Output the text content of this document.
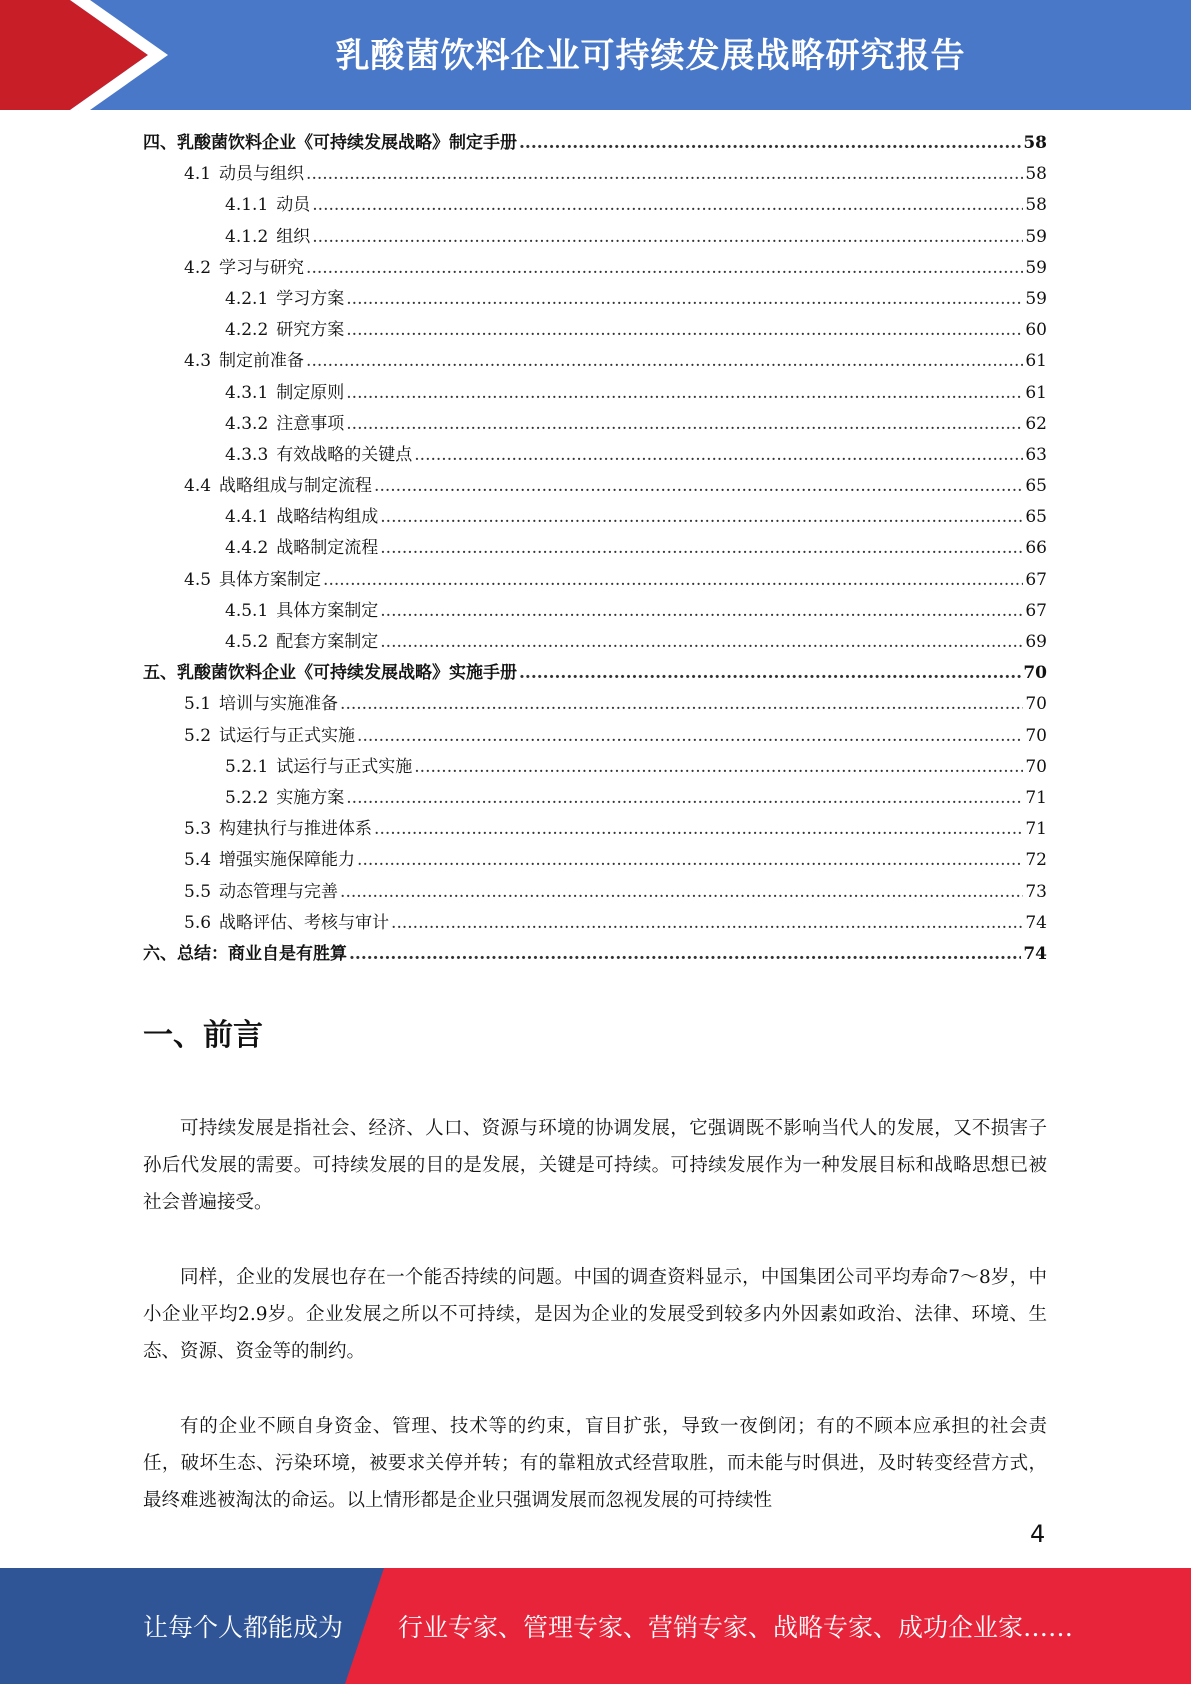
乳酸菌饮料企业可持续发展战略研究报告
四、乳酸菌饮料企业《可持续发展战略》制定手册 .....	58
4.1 动员与组织 .....	58
4.1.1 动员 .....	58
4.1.2 组织 .....	59
4.2 学习与研究 .....	59
4.2.1 学习方案 .....	59
4.2.2 研究方案 .....	60
4.3 制定前准备 .....	61
4.3.1 制定原则 .....	61
4.3.2 注意事项 .....	62
4.3.3 有效战略的关键点 .....	63
4.4 战略组成与制定流程 .....	65
4.4.1 战略结构组成 .....	65
4.4.2 战略制定流程 .....	66
4.5 具体方案制定 .....	67
4.5.1 具体方案制定 .....	67
4.5.2 配套方案制定 .....	69
五、乳酸菌饮料企业《可持续发展战略》实施手册 .....	70
5.1 培训与实施准备 .....	70
5.2 试运行与正式实施 .....	70
5.2.1 试运行与正式实施 .....	70
5.2.2 实施方案 .....	71
5.3 构建执行与推进体系 .....	71
5.4 增强实施保障能力 .....	72
5.5 动态管理与完善 .....	73
5.6 战略评估、考核与审计 .....	74
六、总结：商业自是有胜算 .....	74
一、前言

可持续发展是指社会、经济、人口、资源与环境的协调发展，它强调既不影响当代人的发展，又不损害子孙后代发展的需要。可持续发展的目的是发展，关键是可持续。可持续发展作为一种发展目标和战略思想已被社会普遍接受。

同样，企业的发展也存在一个能否持续的问题。中国的调查资料显示，中国集团公司平均寿命7～8岁，中小企业平均2.9岁。企业发展之所以不可持续，是因为企业的发展受到较多内外因素如政治、法律、环境、生态、资源、资金等的制约。

有的企业不顾自身资金、管理、技术等的约束，盲目扩张，导致一夜倒闭；有的不顾本应承担的社会责任，破坏生态、污染环境，被要求关停并转；有的靠粗放式经营取胜，而未能与时俱进，及时转变经营方式，最终难逃被淘汰的命运。以上情形都是企业只强调发展而忽视发展的可持续性

4
让每个人都能成为 行业专家、管理专家、营销专家、战略专家、成功企业家……
